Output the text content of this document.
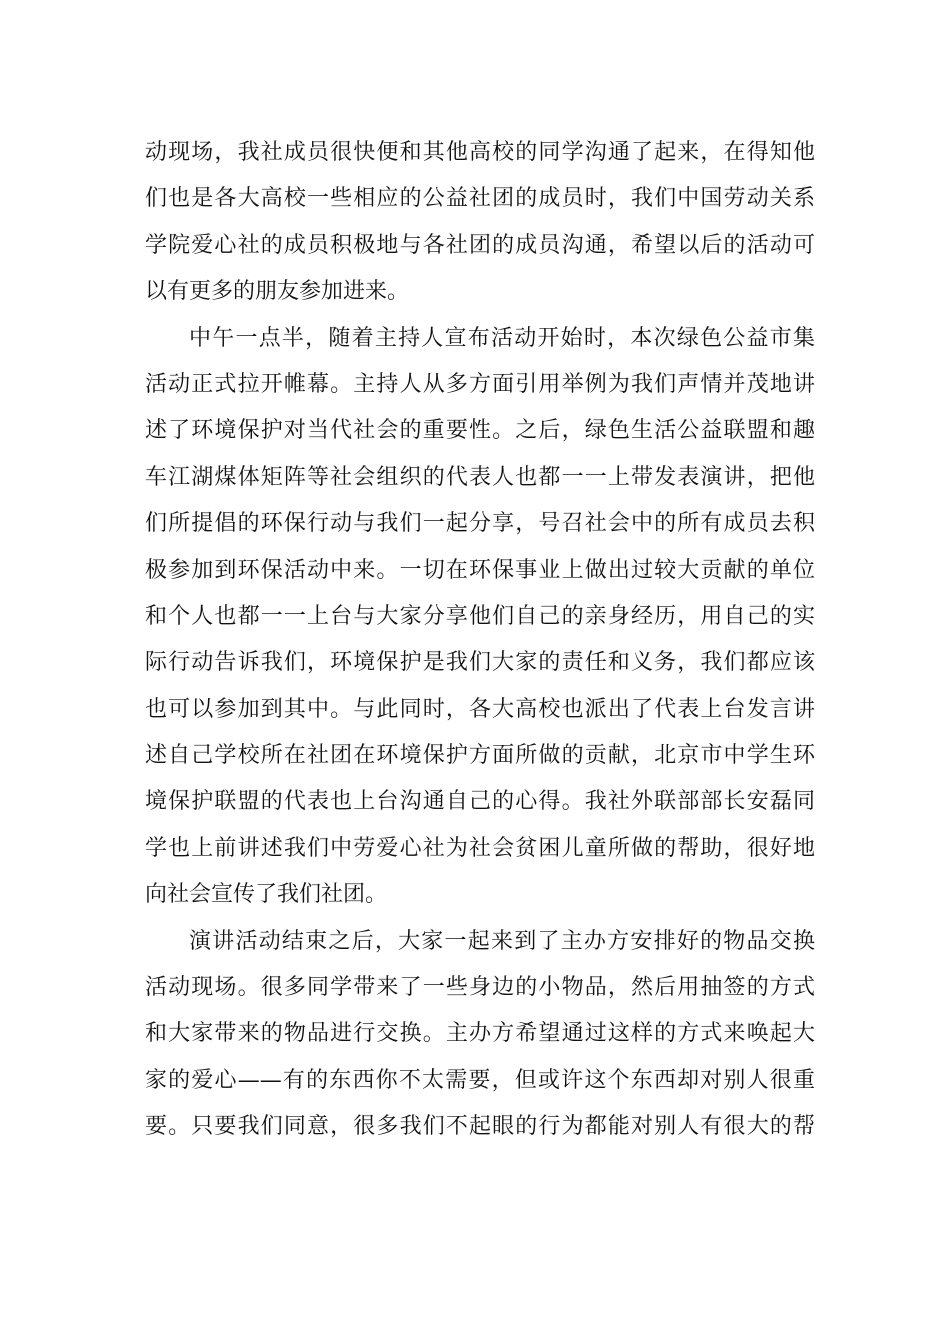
动现场，我社成员很快便和其他高校的同学沟通了起来，在得知他
们也是各大高校一些相应的公益社团的成员时，我们中国劳动关系
学院爱心社的成员积极地与各社团的成员沟通，希望以后的活动可
以有更多的朋友参加进来。
中午一点半，随着主持人宣布活动开始时，本次绿色公益市集
活动正式拉开帷幕。主持人从多方面引用举例为我们声情并茂地讲
述了环境保护对当代社会的重要性。之后，绿色生活公益联盟和趣
车江湖煤体矩阵等社会组织的代表人也都一一上带发表演讲，把他
们所提倡的环保行动与我们一起分享，号召社会中的所有成员去积
极参加到环保活动中来。一切在环保事业上做出过较大贡献的单位
和个人也都一一上台与大家分享他们自己的亲身经历，用自己的实
际行动告诉我们，环境保护是我们大家的责任和义务，我们都应该
也可以参加到其中。与此同时，各大高校也派出了代表上台发言讲
述自己学校所在社团在环境保护方面所做的贡献，北京市中学生环
境保护联盟的代表也上台沟通自己的心得。我社外联部部长安磊同
学也上前讲述我们中劳爱心社为社会贫困儿童所做的帮助，很好地
向社会宣传了我们社团。
演讲活动结束之后，大家一起来到了主办方安排好的物品交换
活动现场。很多同学带来了一些身边的小物品，然后用抽签的方式
和大家带来的物品进行交换。主办方希望通过这样的方式来唤起大
家的爱心——有的东西你不太需要，但或许这个东西却对别人很重
要。只要我们同意，很多我们不起眼的行为都能对别人有很大的帮
